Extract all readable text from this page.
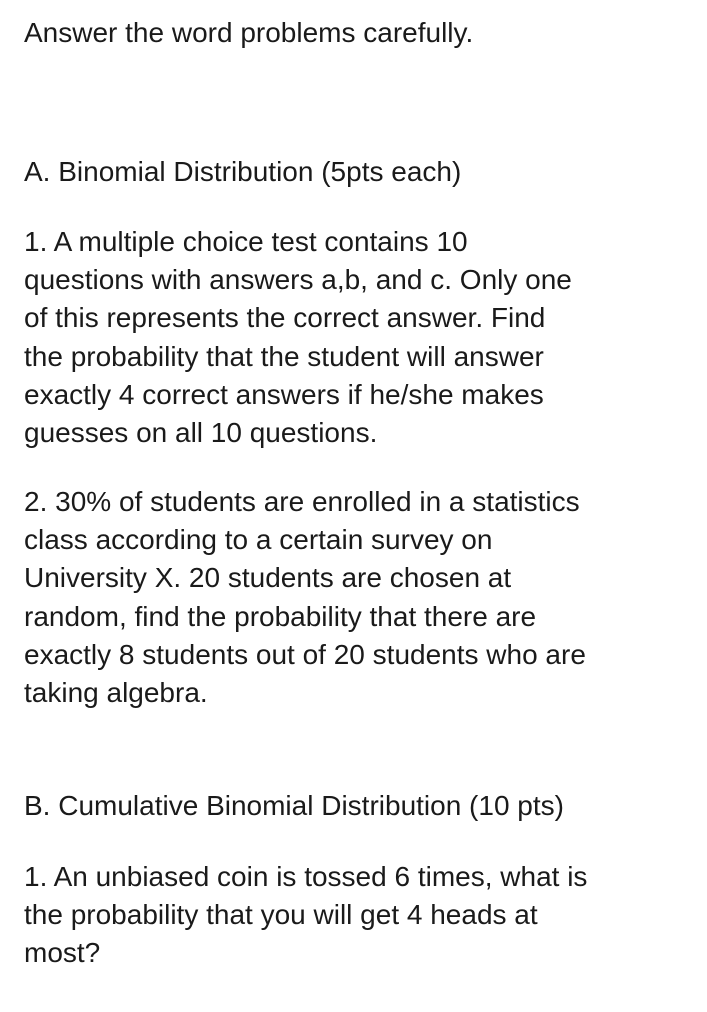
Answer the word problems carefully.
A. Binomial Distribution (5pts each)
1. A multiple choice test contains 10
questions with answers a,b, and c. Only one
of this represents the correct answer. Find
the probability that the student will answer
exactly 4 correct answers if he/she makes
guesses on all 10 questions.
2. 30% of students are enrolled in a statistics
class according to a certain survey on
University X. 20 students are chosen at
random, find the probability that there are
exactly 8 students out of 20 students who are
taking algebra.
B. Cumulative Binomial Distribution (10 pts)
1. An unbiased coin is tossed 6 times, what is
the probability that you will get 4 heads at
most?
